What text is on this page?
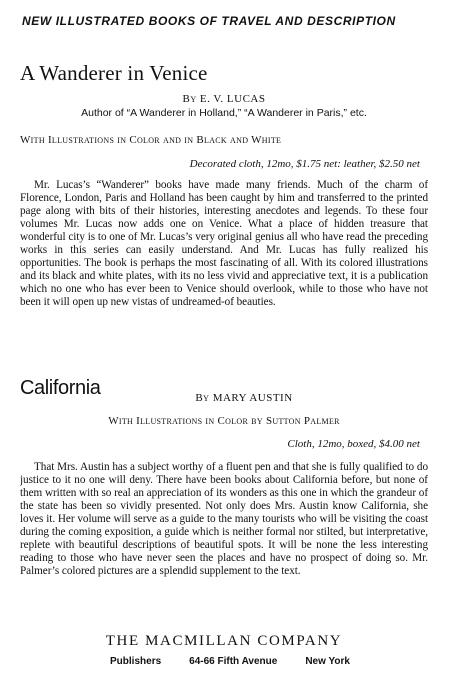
NEW ILLUSTRATED BOOKS OF TRAVEL AND DESCRIPTION
A Wanderer in Venice
By E. V. LUCAS
Author of “A Wanderer in Holland,” “A Wanderer in Paris,” etc.
With Illustrations in Color and in Black and White
Decorated cloth, 12mo, $1.75 net: leather, $2.50 net
Mr. Lucas’s “Wanderer” books have made many friends. Much of the charm of Florence, London, Paris and Holland has been caught by him and transferred to the printed page along with bits of their histories, interesting anecdotes and legends. To these four volumes Mr. Lucas now adds one on Venice. What a place of hidden treasure that wonderful city is to one of Mr. Lucas’s very original genius all who have read the preceding works in this series can easily understand. And Mr. Lucas has fully realized his opportunities. The book is perhaps the most fascinating of all. With its colored illustrations and its black and white plates, with its no less vivid and appreciative text, it is a publication which no one who has ever been to Venice should overlook, while to those who have not been it will open up new vistas of undreamed-of beauties.
California	By MARY AUSTIN
With Illustrations in Color by Sutton Palmer
Cloth, 12mo, boxed, $4.00 net
That Mrs. Austin has a subject worthy of a fluent pen and that she is fully qualified to do justice to it no one will deny. There have been books about California before, but none of them written with so real an appreciation of its wonders as this one in which the grandeur of the state has been so vividly presented. Not only does Mrs. Austin know California, she loves it. Her volume will serve as a guide to the many tourists who will be visiting the coast during the coming exposition, a guide which is neither formal nor stilted, but interpretative, replete with beautiful descriptions of beautiful spots. It will be none the less interesting reading to those who have never seen the places and have no prospect of doing so. Mr. Palmer’s colored pictures are a splendid supplement to the text.
THE MACMILLAN COMPANY
Publishers	64-66 Fifth Avenue	New York
